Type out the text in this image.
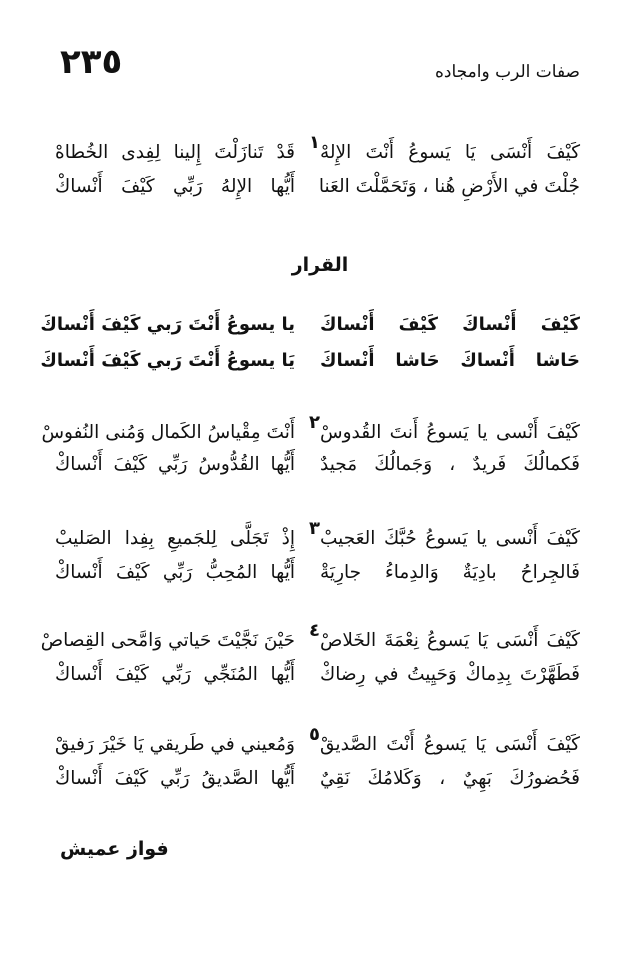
٢٣٥	صفات الرب وامجاده
١ كَيْفَ أَنْسَى يَا يَسوعُ أَنْتَ الإِلهْ
جُلْتَ في الأَرْضِ هُنا ، وَتَحَمَّلْتَ العَنا
قَدْ تَنازَلْتَ إِلينا لِفِدى الخُطاهْ
أَيُّها الإِلهُ رَبِّي كَيْفَ أَنْساكْ
القرار
كَيْفَ أَنْساكَ كَيْفَ أَنْساكَ
حَاشا أَنْساكَ حَاشا أَنْساكَ
يا يسوعُ أَنْتَ رَبي كَيْفَ أَنْساكَ
يَا يسوعُ أَنْتَ رَبي كَيْفَ أَنْساكَ
٢ كَيْفَ أَنْسى يا يَسوعُ أَنتَ القُدوسْ
فَكمالُكَ فَريدٌ ، وَجَمالُكَ مَجيدٌ
أَنْتَ مِقْياسُ الكَمال وَمُنى النُفوسْ
أَيُّها القُدُّوسُ رَبِّي كَيْفَ أَنْساكْ
٣ كَيْفَ أَنْسى يا يَسوعُ حُبَّكَ العَجيبْ
فَالجِراحُ بادِيَةٌ وَالدِماءُ جارِيَةْ
إِذْ تَجَلَّى لِلجَميعِ بِفِدا الصَليبْ
أَيُّها المُحِبُّ رَبِّي كَيْفَ أَنْساكْ
٤ كَيْفَ أَنْسَى يَا يَسوعُ نِعْمَةَ الخَلاصْ
فَطَهَّرْتَ بِدِماكْ وَحَيِيتُ في رِضاكْ
حَيْنَ نَجَّيْتَ حَياتي وَامَّحى القِصاصْ
أَيُّها المُنَجِّي رَبِّي كَيْفَ أَنْساكْ
٥ كَيْفَ أَنْسَى يَا يَسوعُ أَنْتَ الصَّديقْ
فَحُضورُكَ بَهِيٌ ، وَكَلامُكَ نَقِيٌ
وَمُعيني في طَريقي يَا خَيْرَ رَفيقْ
أَيُّها الصَّديقُ رَبِّي كَيْفَ أَنْساكْ
فواز عميش
